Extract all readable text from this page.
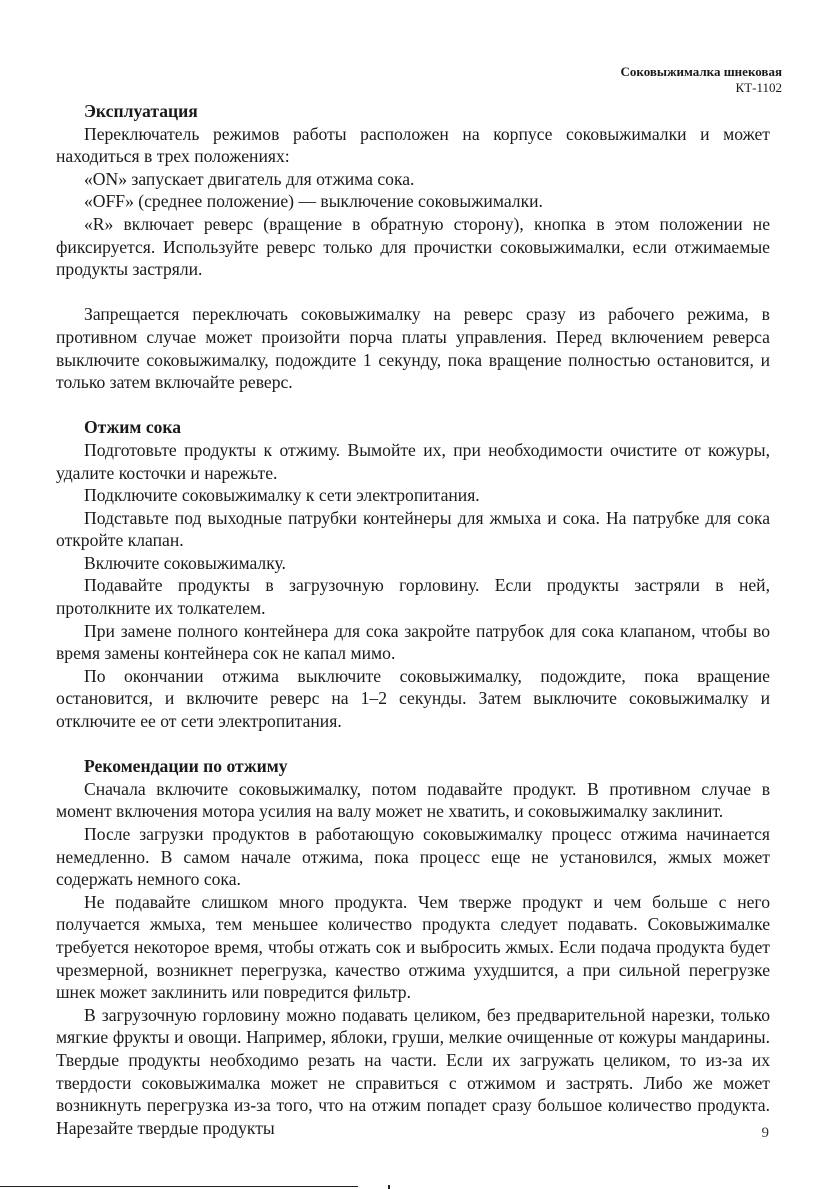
Соковыжималка шнековая
КТ-1102
Эксплуатация

Переключатель режимов работы расположен на корпусе соковыжималки и может находиться в трех положениях:

«ON» запускает двигатель для отжима сока.

«OFF» (среднее положение) — выключение соковыжималки.

«R» включает реверс (вращение в обратную сторону), кнопка в этом положении не фиксируется. Используйте реверс только для прочистки соковыжималки, если отжимаемые продукты застряли.

Запрещается переключать соковыжималку на реверс сразу из рабочего режима, в противном случае может произойти порча платы управления. Перед включением реверса выключите соковыжималку, подождите 1 секунду, пока вращение полностью остановится, и только затем включайте реверс.

Отжим сока

Подготовьте продукты к отжиму. Вымойте их, при необходимости очистите от кожуры, удалите косточки и нарежьте.

Подключите соковыжималку к сети электропитания.

Подставьте под выходные патрубки контейнеры для жмыха и сока. На патрубке для сока откройте клапан.

Включите соковыжималку.

Подавайте продукты в загрузочную горловину. Если продукты застряли в ней, протолкните их толкателем.

При замене полного контейнера для сока закройте патрубок для сока клапаном, чтобы во время замены контейнера сок не капал мимо.

По окончании отжима выключите соковыжималку, подождите, пока вращение остановится, и включите реверс на 1–2 секунды. Затем выключите соковыжималку и отключите ее от сети электропитания.

Рекомендации по отжиму

Сначала включите соковыжималку, потом подавайте продукт. В противном случае в момент включения мотора усилия на валу может не хватить, и соковыжималку заклинит.

После загрузки продуктов в работающую соковыжималку процесс отжима начинается немедленно. В самом начале отжима, пока процесс еще не установился, жмых может содержать немного сока.

Не подавайте слишком много продукта. Чем тверже продукт и чем больше с него получается жмыха, тем меньшее количество продукта следует подавать. Соковыжималке требуется некоторое время, чтобы отжать сок и выбросить жмых. Если подача продукта будет чрезмерной, возникнет перегрузка, качество отжима ухудшится, а при сильной перегрузке шнек может заклинить или повредится фильтр.

В загрузочную горловину можно подавать целиком, без предварительной нарезки, только мягкие фрукты и овощи. Например, яблоки, груши, мелкие очищенные от кожуры мандарины. Твердые продукты необходимо резать на части. Если их загружать целиком, то из-за их твердости соковыжималка может не справиться с отжимом и застрять. Либо же может возникнуть перегрузка из-за того, что на отжим попадет сразу большое количество продукта. Нарезайте твердые продукты	9
